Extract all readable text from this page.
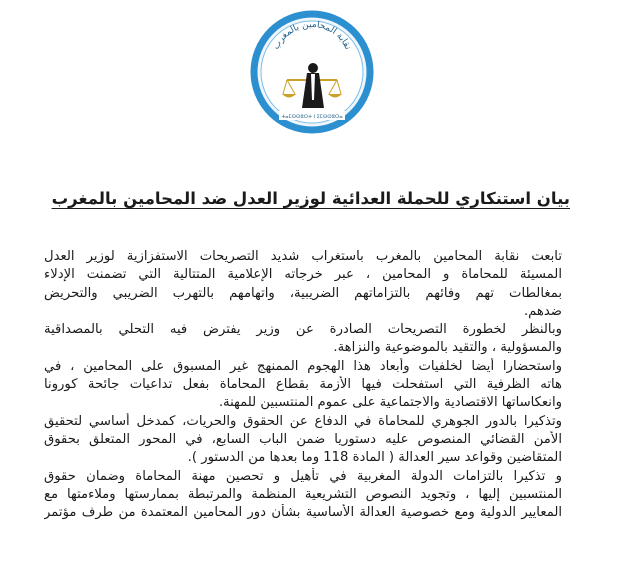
نقابة المحامين بالمغرب
ⵜⴰⵎⵙⵙⵓⵔⵜ ⵏ ⵉⵎⵙⵙⵓⵔⴰ
بيان استنكاري للحملة العدائية لوزير العدل ضد المحامين بالمغرب
تابعت نقابة المحامين بالمغرب باستغراب شديد التصريحات الاستفزازية لوزير العدل
المسيئة للمحاماة و المحامين ، عبر خرجاته الإعلامية المتتالية التي تضمنت الإدلاء
بمغالطات تهم وفائهم بالتزاماتهم الضريبية، واتهامهم بالتهرب الضريبي والتحريض
ضدهم.
وبالنظر لخطورة التصريحات الصادرة عن وزير يفترض فيه التحلي بالمصداقية
والمسؤولية ، والتقيد بالموضوعية والنزاهة.
واستحضارا أيضا لخلفيات وأبعاد هذا الهجوم الممنهج غير المسبوق على المحامين ، في
هاته الظرفية التي استفحلت فيها الأزمة بقطاع المحاماة بفعل تداعيات جائحة كورونا
وانعكاساتها الاقتصادية والاجتماعية على عموم المنتسبين للمهنة.
وتذكيرا بالدور الجوهري للمحاماة في الدفاع عن الحقوق والحريات، كمدخل أساسي لتحقيق
الأمن القضائي المنصوص عليه دستوريا ضمن الباب السابع، في المحور المتعلق بحقوق
المتقاضين وقواعد سير العدالة ( المادة 118 وما بعدها من الدستور ).
و تذكيرا بالتزامات الدولة المغربية في تأهيل و تحصين مهنة المحاماة وضمان حقوق
المنتسبين إليها ، وتجويد النصوص التشريعية المنظمة والمرتبطة بممارستها وملاءمتها مع
المعايير الدولية ومع خصوصية العدالة الأساسية بشأن دور المحامين المعتمدة من طرف مؤتمر
